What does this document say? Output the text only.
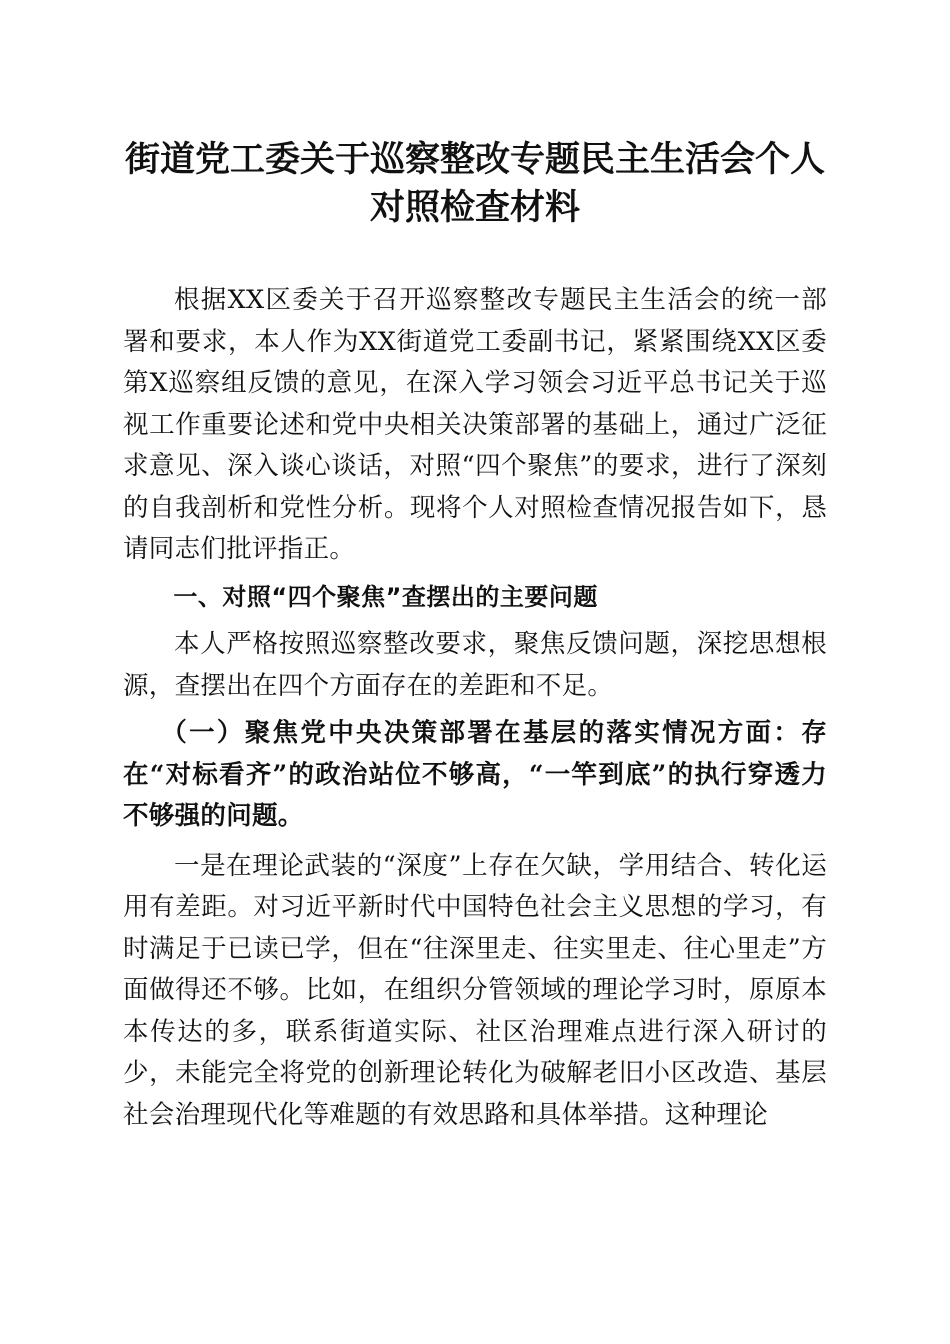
街道党工委关于巡察整改专题民主生活会个人
对照检查材料

根据XX区委关于召开巡察整改专题民主生活会的统一部署和要求，本人作为XX街道党工委副书记，紧紧围绕XX区委第X巡察组反馈的意见，在深入学习领会习近平总书记关于巡视工作重要论述和党中央相关决策部署的基础上，通过广泛征求意见、深入谈心谈话，对照“四个聚焦”的要求，进行了深刻的自我剖析和党性分析。现将个人对照检查情况报告如下，恳请同志们批评指正。

一、对照“四个聚焦”查摆出的主要问题

本人严格按照巡察整改要求，聚焦反馈问题，深挖思想根源，查摆出在四个方面存在的差距和不足。

（一）聚焦党中央决策部署在基层的落实情况方面：存在“对标看齐”的政治站位不够高，“一竿到底”的执行穿透力不够强的问题。

一是在理论武装的“深度”上存在欠缺，学用结合、转化运用有差距。对习近平新时代中国特色社会主义思想的学习，有时满足于已读已学，但在“往深里走、往实里走、往心里走”方面做得还不够。比如，在组织分管领域的理论学习时，原原本本传达的多，联系街道实际、社区治理难点进行深入研讨的少，未能完全将党的创新理论转化为破解老旧小区改造、基层社会治理现代化等难题的有效思路和具体举措。这种理论
